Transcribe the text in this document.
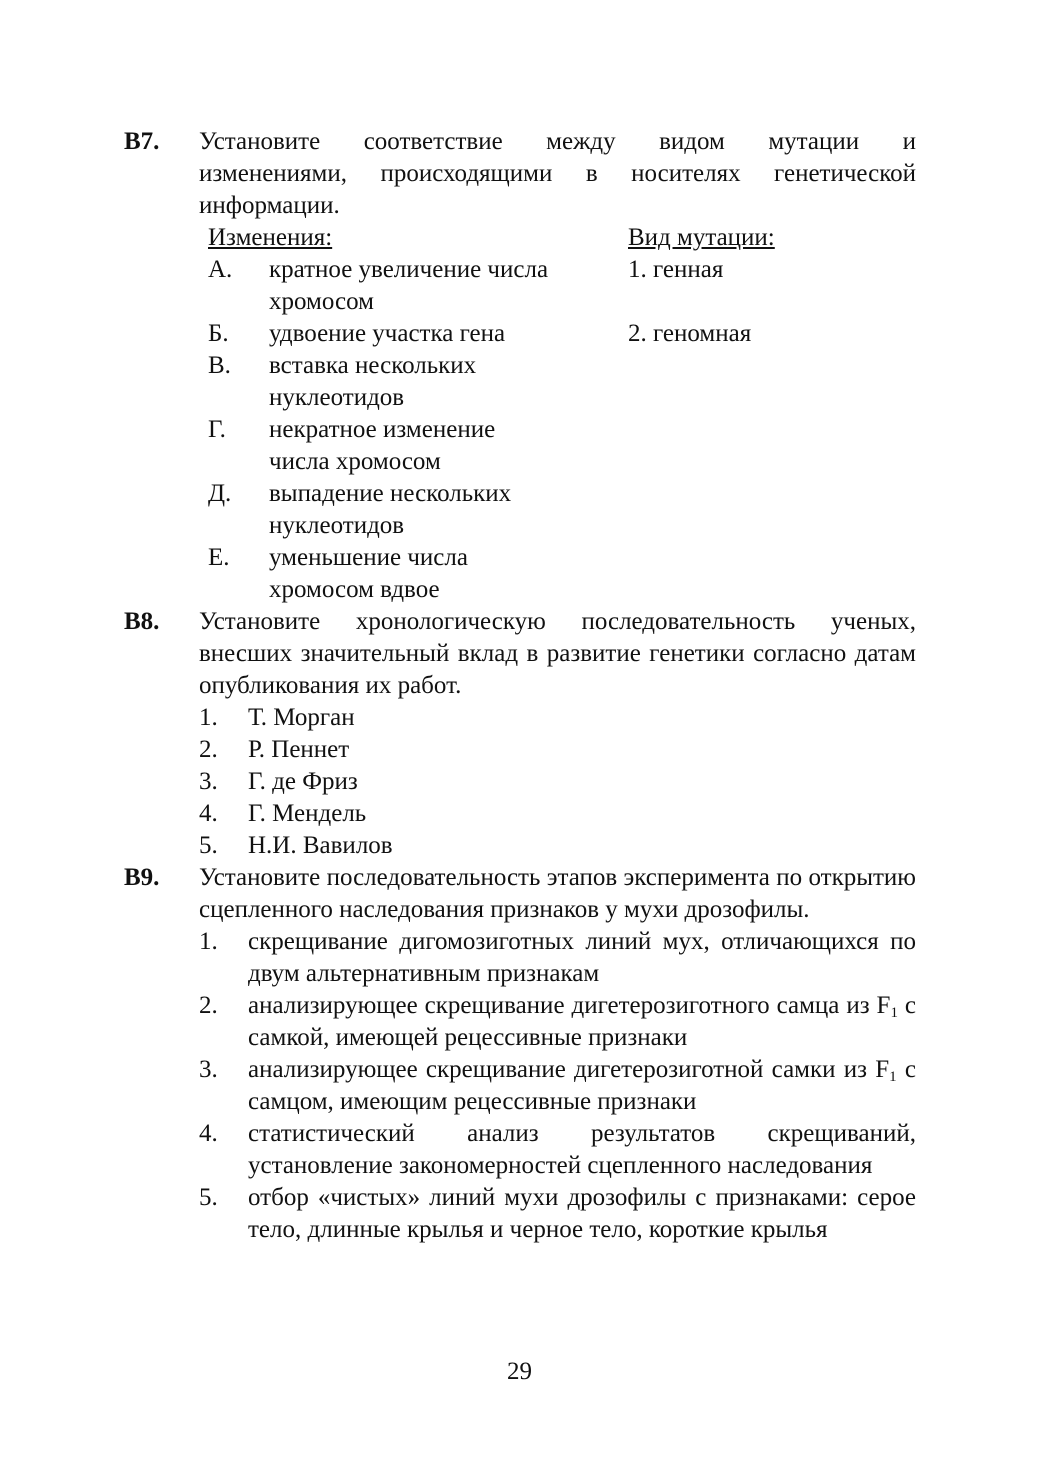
B7. Установите соответствие между видом мутации и
изменениями, происходящими в носителях генетической
информации.
Изменения:	Вид мутации:
А. кратное увеличение числа
хромосом
1. генная
Б. удвоение участка гена	2. геномная
В. вставка нескольких
нуклеотидов
Г. некратное изменение
числа хромосом
Д. выпадение нескольких
нуклеотидов
Е. уменьшение числа
хромосом вдвое
B8. Установите хронологическую последовательность ученых, внесших значительный вклад в развитие генетики согласно датам опубликования их работ.
1. Т. Морган
2. Р. Пеннет
3. Г. де Фриз
4. Г. Мендель
5. Н.И. Вавилов
B9. Установите последовательность этапов эксперимента по открытию сцепленного наследования признаков у мухи дрозофилы.
1. скрещивание дигомозиготных линий мух, отличающихся по двум альтернативным признакам
2. анализирующее скрещивание дигетерозиготного самца из $F_1$ с самкой, имеющей рецессивные признаки
3. анализирующее скрещивание дигетерозиготной самки из $F_1$ с самцом, имеющим рецессивные признаки
4. статистический анализ результатов скрещиваний, установление закономерностей сцепленного наследования
5. отбор «чистых» линий мухи дрозофилы с признаками: серое тело, длинные крылья и черное тело, короткие крылья
29
